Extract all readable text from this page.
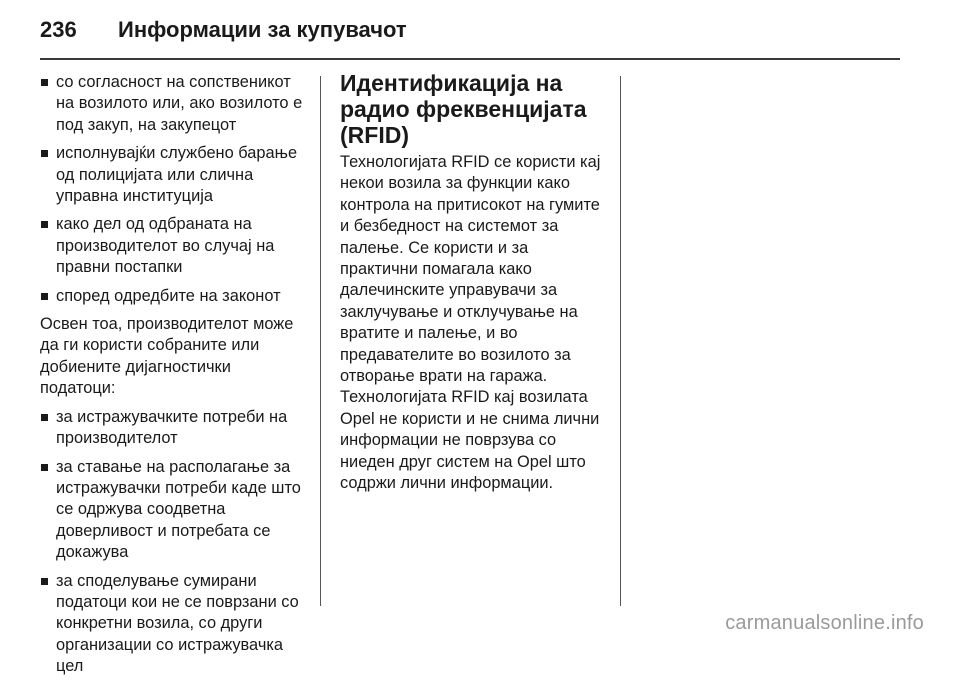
236	Информации за купувачот
со согласност на сопственикот на возилото или, ако возилото е под закуп, на закупецот
исполнувајќи службено барање од полицијата или слична управна институција
како дел од одбраната на производителот во случај на правни постапки
според одредбите на законот

Освен тоа, производителот може да ги користи собраните или добиените дијагностички податоци:

за истражувачките потреби на производителот
за ставање на располагање за истражувачки потреби каде што се одржува соодветна доверливост и потребата се докажува
за споделување сумирани податоци кои не се поврзани со конкретни возила, со други организации со истражувачка цел
Идентификација на радио фреквенцијата (RFID)

Технологијата RFID се користи кај некои возила за функции како контрола на притисокот на гумите и безбедност на системот за палење. Се користи и за практични помагала како далечинските управувачи за заклучување и отклучување на вратите и палење, и во предавателите во возилото за отворање врати на гаража. Технологијата RFID кај возилата Opel не користи и не снима лични информации не поврзува со ниеден друг систем на Opel што содржи лични информации.

carmanualsonline.info
